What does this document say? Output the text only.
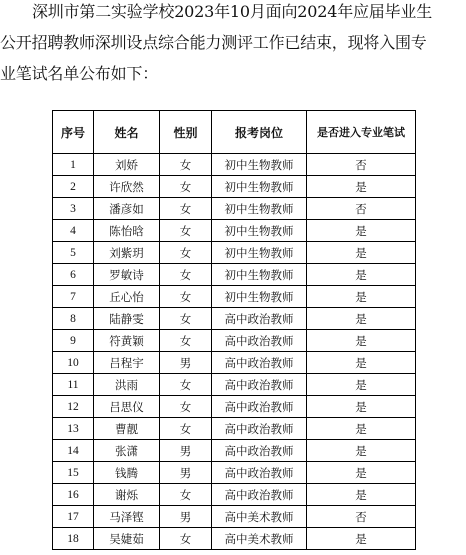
深圳市第二实验学校2023年10月面向2024年应届毕业生
公开招聘教师深圳设点综合能力测评工作已结束，现将入围专
业笔试名单公布如下：
序号	姓名	性别	报考岗位	是否进入专业笔试
1	刘娇	女	初中生物教师	否
2	许欣然	女	初中生物教师	是
3	潘彦如	女	初中生物教师	否
4	陈怡晗	女	初中生物教师	是
5	刘紫玥	女	初中生物教师	是
6	罗敏诗	女	初中生物教师	是
7	丘心怡	女	初中生物教师	是
8	陆静雯	女	高中政治教师	是
9	符黄颖	女	高中政治教师	是
10	吕程宇	男	高中政治教师	是
11	洪雨	女	高中政治教师	是
12	吕思仪	女	高中政治教师	是
13	曹靓	女	高中政治教师	是
14	张潇	男	高中政治教师	是
15	钱腾	男	高中政治教师	是
16	谢烁	女	高中政治教师	是
17	马泽铿	男	高中美术教师	否
18	吴婕茹	女	高中美术教师	是
